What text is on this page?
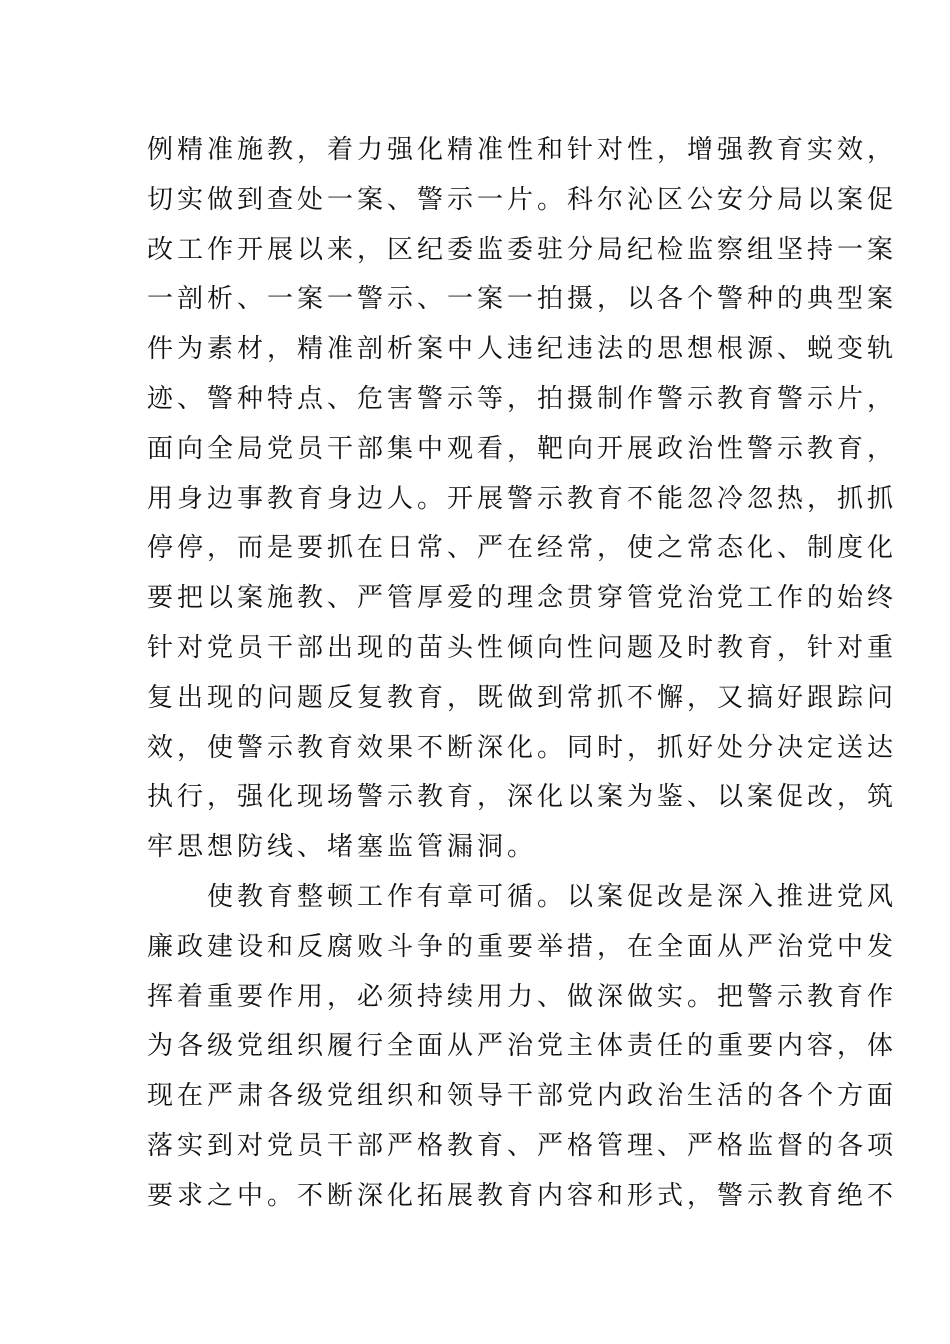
例精准施教，着力强化精准性和针对性，增强教育实效，
切实做到查处一案、警示一片。科尔沁区公安分局以案促
改工作开展以来，区纪委监委驻分局纪检监察组坚持一案
一剖析、一案一警示、一案一拍摄，以各个警种的典型案
件为素材，精准剖析案中人违纪违法的思想根源、蜕变轨
迹、警种特点、危害警示等，拍摄制作警示教育警示片，
面向全局党员干部集中观看，靶向开展政治性警示教育，
用身边事教育身边人。开展警示教育不能忽冷忽热，抓抓
停停，而是要抓在日常、严在经常，使之常态化、制度化
要把以案施教、严管厚爱的理念贯穿管党治党工作的始终
针对党员干部出现的苗头性倾向性问题及时教育，针对重
复出现的问题反复教育，既做到常抓不懈，又搞好跟踪问
效，使警示教育效果不断深化。同时，抓好处分决定送达
执行，强化现场警示教育，深化以案为鉴、以案促改，筑
牢思想防线、堵塞监管漏洞。
使教育整顿工作有章可循。以案促改是深入推进党风
廉政建设和反腐败斗争的重要举措，在全面从严治党中发
挥着重要作用，必须持续用力、做深做实。把警示教育作
为各级党组织履行全面从严治党主体责任的重要内容，体
现在严肃各级党组织和领导干部党内政治生活的各个方面
落实到对党员干部严格教育、严格管理、严格监督的各项
要求之中。不断深化拓展教育内容和形式，警示教育绝不
